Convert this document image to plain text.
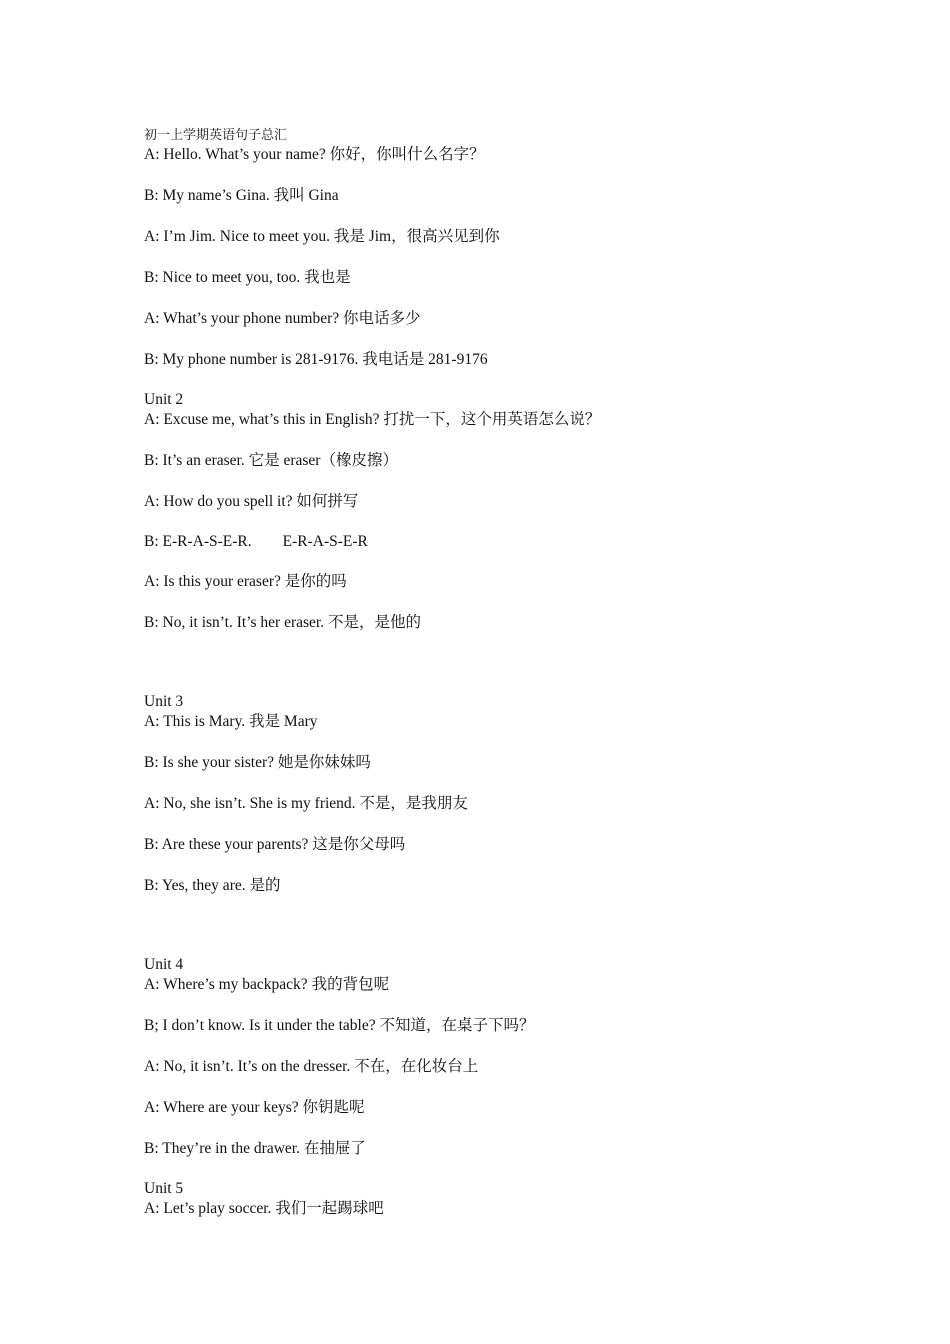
初一上学期英语句子总汇
A: Hello. What’s your name? 你好，你叫什么名字？
B: My name’s Gina. 我叫 Gina
A: I’m Jim. Nice to meet you. 我是 Jim，很高兴见到你
B: Nice to meet you, too. 我也是
A: What’s your phone number? 你电话多少
B: My phone number is 281-9176. 我电话是 281-9176
Unit 2
A: Excuse me, what’s this in English? 打扰一下，这个用英语怎么说？
B: It’s an eraser. 它是 eraser（橡皮擦）
A: How do you spell it? 如何拼写
B: E-R-A-S-E-R.        E-R-A-S-E-R
A: Is this your eraser? 是你的吗
B: No, it isn’t. It’s her eraser. 不是，是他的
Unit 3
A: This is Mary. 我是 Mary
B: Is she your sister? 她是你妹妹吗
A: No, she isn’t. She is my friend. 不是，是我朋友
B: Are these your parents? 这是你父母吗
B: Yes, they are. 是的
Unit 4
A: Where’s my backpack? 我的背包呢
B; I don’t know. Is it under the table? 不知道，在桌子下吗？
A: No, it isn’t. It’s on the dresser. 不在，在化妆台上
A: Where are your keys? 你钥匙呢
B: They’re in the drawer. 在抽屉了
Unit 5
A: Let’s play soccer. 我们一起踢球吧
